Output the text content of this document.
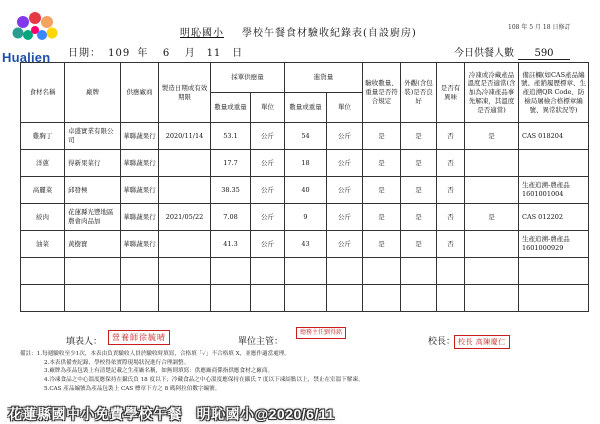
Hualien
明恥國小 學校午餐食材驗收紀錄表(自設廚房)
108 年 5 月 18 日修訂
日期： 109 年 6 月 11 日	今日供餐人數 590
食材名稱	廠牌	供應廠商	製造日期或有效期限	採單供應量		進貨量		驗收數量、重量是否符合規定	外觀(含包裝)是否良好	是否有異味	冷凍或冷藏產品溫度是否適當(含加為冷凍產品事先解凍，其溫度是否適當)	備註欄(如CAS產品編號、產銷履歷標章、生產追溯QR Code、防檢局屠檢合格標章編號、異常狀況等)
				數量或重量	單位	數量或重量	單位					
雞胸丁	卓盛實業有限公司	華聯蔬果行	2020/11/14	53.1	公斤	54	公斤	是	是	否	是	CAS 018204
洋蔥	得新果菜行	華聯蔬果行		17.7	公斤	18	公斤	是	是	否		
高麗菜	邱發極	華聯蔬果行		38.35	公斤	40	公斤	是	是	否		生產追溯-農產品 1601001004
絞肉	花蓮縣光豐地區農會肉品加	華聯蔬果行	2021/05/22	7.08	公斤	9	公斤	是	是	否	是	CAS 012202
油菜	黃樹寶	華聯蔬果行		41.3	公斤	43	公斤	是	是	否		生產追溯-農產品 1601000929

填表人：	營養師徐毓晴	單位主管：
總務主任劉得銘
校長： 校長 高陳慶仁
備註：1.每週驗收至少1次，本表由負責驗收人員於驗收時填寫，合格填「✓」不合格填 X，並應作適當處理。
2.本表供備查紀錄，學校得依實際現場狀況進行合理調整。
3.廠牌為產品包裝上有清楚記載之生產廠名稱，如無則填寫：供應廠商係指供應食材之廠商。
4.冷凍食品之中心溫度應保持在攝氏負 18 度以下；冷藏食品之中心溫度應保持在攝氏 7 度以下凍結點以上，禁止在室溫下解凍。
5.CAS 產品編號為產品包裝上 CAS 標章下方之 8 碼阿拉伯數字編號。
花蓮縣國中小免費學校午餐　明恥國小@2020/6/11
